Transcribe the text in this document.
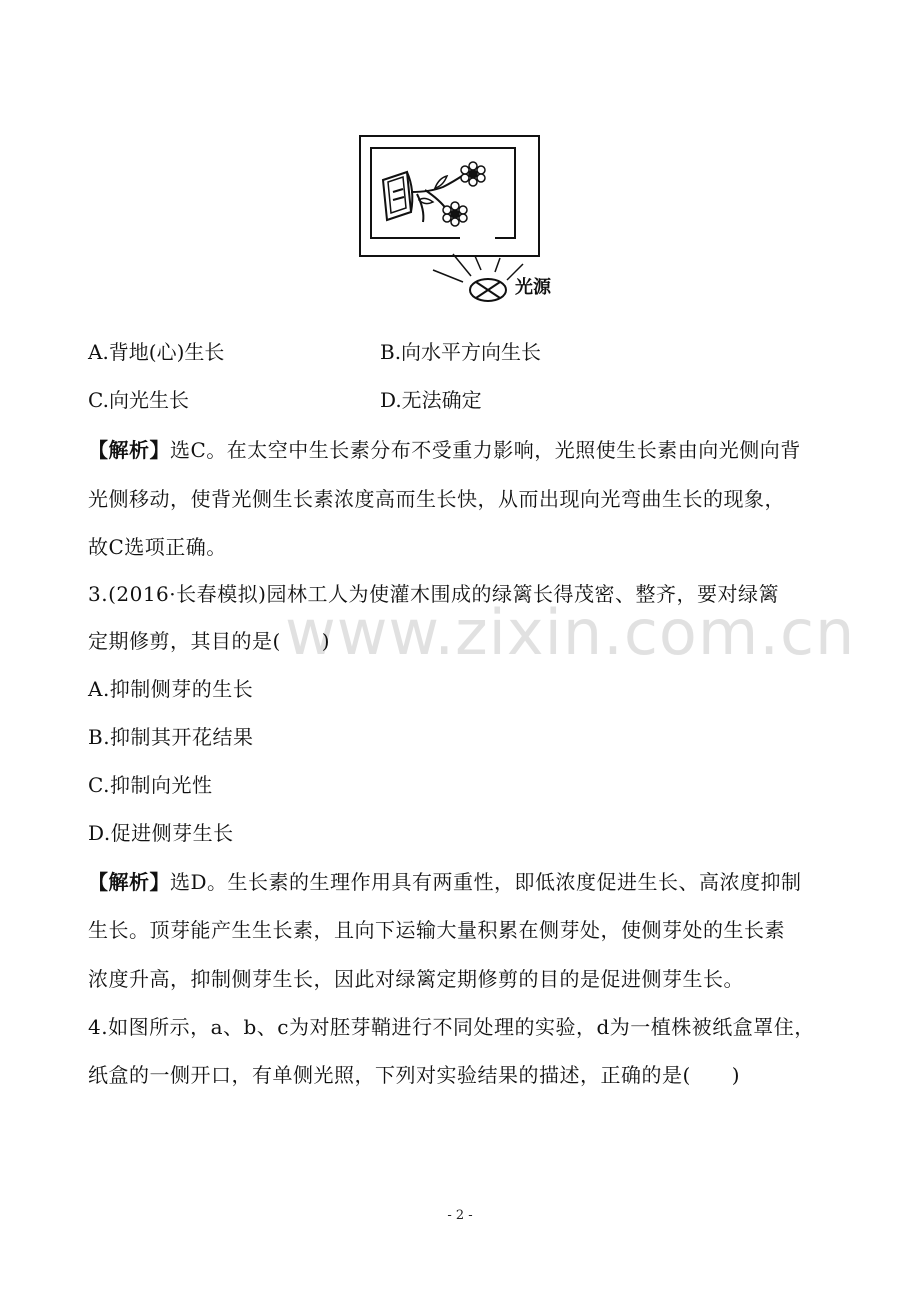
光源
A.背地(心)生长	B.向水平方向生长
C.向光生长	D.无法确定
【解析】选C。在太空中生长素分布不受重力影响，光照使生长素由向光侧向背
光侧移动，使背光侧生长素浓度高而生长快，从而出现向光弯曲生长的现象，
故C选项正确。
www.zixin.com.cn
3.(2016·长春模拟)园林工人为使灌木围成的绿篱长得茂密、整齐，要对绿篱
定期修剪，其目的是(　　)
A.抑制侧芽的生长
B.抑制其开花结果
C.抑制向光性
D.促进侧芽生长
【解析】选D。生长素的生理作用具有两重性，即低浓度促进生长、高浓度抑制
生长。顶芽能产生生长素，且向下运输大量积累在侧芽处，使侧芽处的生长素
浓度升高，抑制侧芽生长，因此对绿篱定期修剪的目的是促进侧芽生长。
4.如图所示，a、b、c为对胚芽鞘进行不同处理的实验，d为一植株被纸盒罩住，
纸盒的一侧开口，有单侧光照，下列对实验结果的描述，正确的是(　　)
- 2 -
